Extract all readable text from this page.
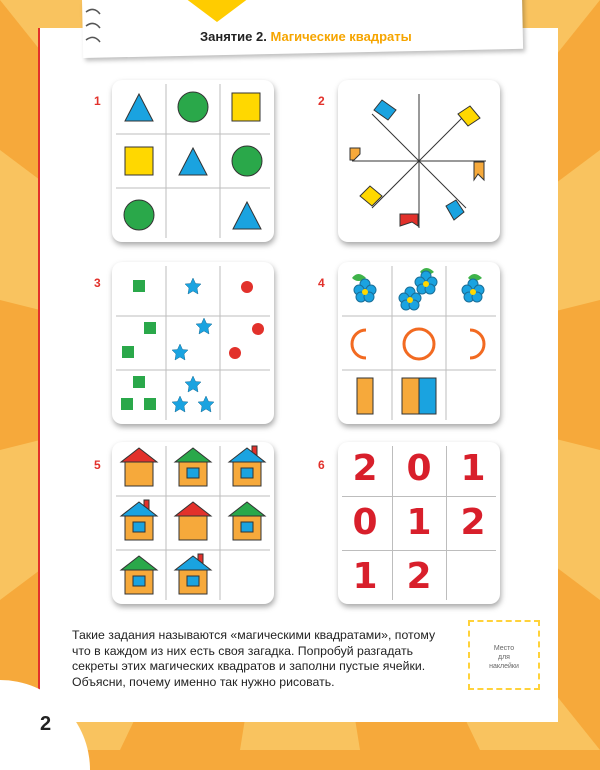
Занятие 2. Магические квадраты
1	2
3	4
5	6 2 0 1
0 1 2
1 2
Такие задания называются «магическими квадратами», потому что в каждом из них есть своя загадка. Попробуй разгадать секреты этих магических квадратов и заполни пустые ячейки. Объясни, почему именно так нужно рисовать.
Место
для
наклейки
2
